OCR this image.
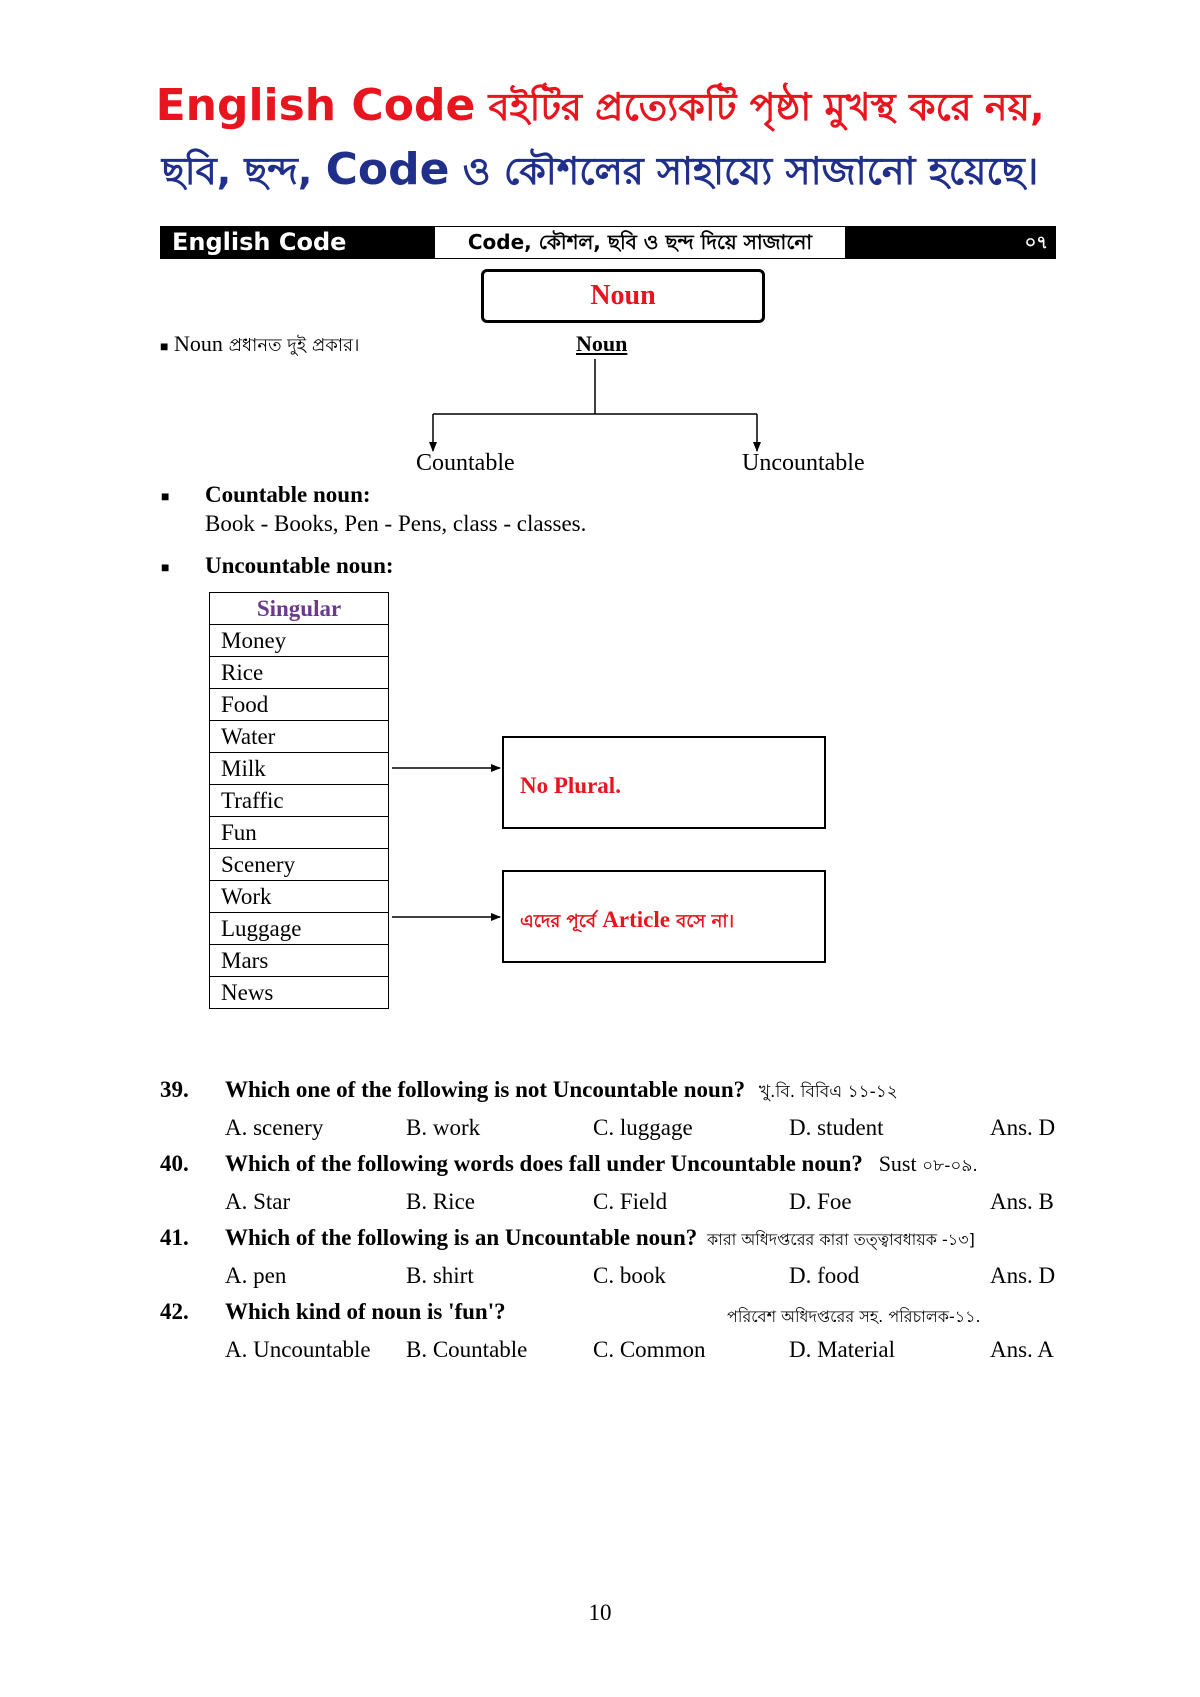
English Code বইটির প্রত্যেকটি পৃষ্ঠা মুখস্থ করে নয়,
ছবি, ছন্দ, Code ও কৌশলের সাহায্যে সাজানো হয়েছে।
English Code	Code, কৌশল, ছবি ও ছন্দ দিয়ে সাজানো	০৭
Noun
■ Noun প্রধানত দুই প্রকার।	Noun
Countable	Uncountable
■ Countable noun:
Book - Books, Pen - Pens, class - classes.
■ Uncountable noun:
Singular
Money
Rice
Food
Water
Milk
Traffic
Fun
Scenery
Work
Luggage
Mars
News
No Plural.
এদের পূর্বে Article বসে না।
39. Which one of the following is not Uncountable noun? খু.বি. বিবিএ ১১-১২
A. scenery	B. work	C. luggage	D. student	Ans. D
40. Which of the following words does fall under Uncountable noun? Sust ০৮-০৯.
A. Star	B. Rice	C. Field	D. Foe	Ans. B
41. Which of the following is an Uncountable noun? কারা অধিদপ্তরের কারা তত্ত্বাবধায়ক -১৩]
A. pen	B. shirt	C. book	D. food	Ans. D
42. Which kind of noun is 'fun'?	পরিবেশ অধিদপ্তরের সহ. পরিচালক-১১.
A. Uncountable B. Countable	C. Common	D. Material	Ans. A
10
